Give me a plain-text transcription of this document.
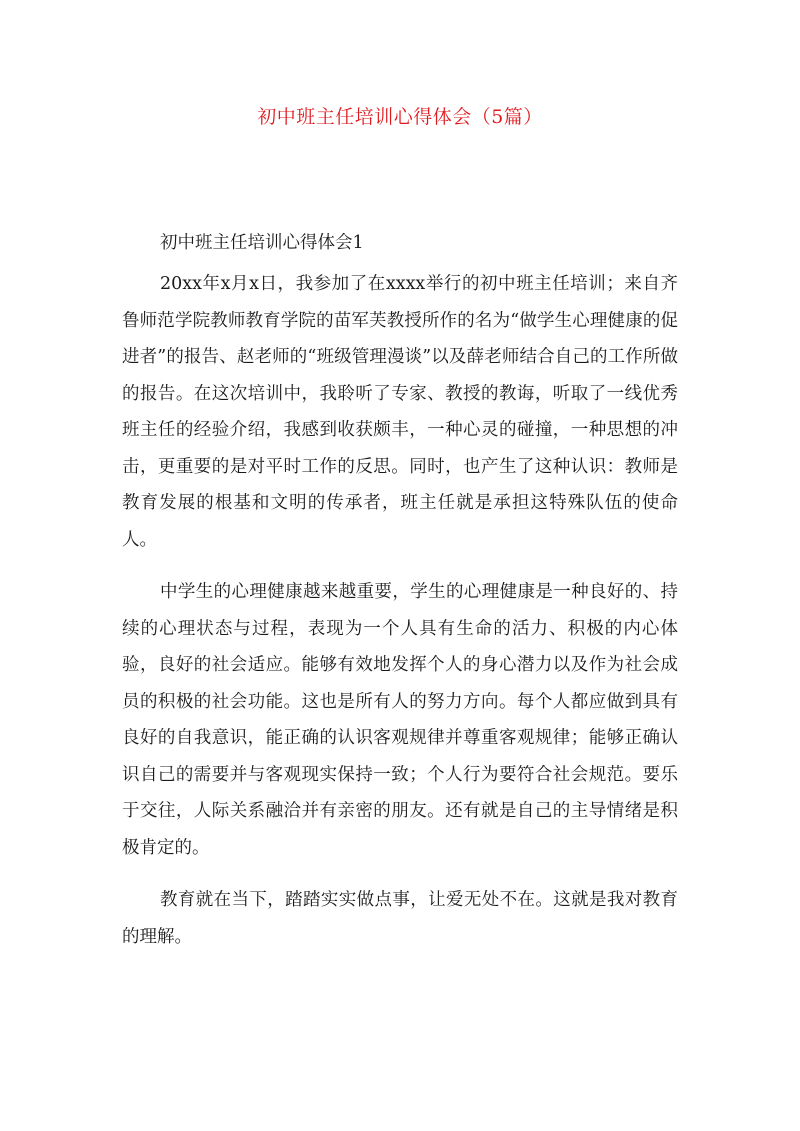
初中班主任培训心得体会（5篇）

初中班主任培训心得体会1

20xx年x月x日，我参加了在xxxx举行的初中班主任培训；来自齐鲁师范学院教师教育学院的苗军芙教授所作的名为“做学生心理健康的促进者”的报告、赵老师的“班级管理漫谈”以及薛老师结合自己的工作所做的报告。在这次培训中，我聆听了专家、教授的教诲，听取了一线优秀班主任的经验介绍，我感到收获颇丰，一种心灵的碰撞，一种思想的冲击，更重要的是对平时工作的反思。同时，也产生了这种认识：教师是教育发展的根基和文明的传承者，班主任就是承担这特殊队伍的使命人。

中学生的心理健康越来越重要，学生的心理健康是一种良好的、持续的心理状态与过程，表现为一个人具有生命的活力、积极的内心体验，良好的社会适应。能够有效地发挥个人的身心潜力以及作为社会成员的积极的社会功能。这也是所有人的努力方向。每个人都应做到具有良好的自我意识，能正确的认识客观规律并尊重客观规律；能够正确认识自己的需要并与客观现实保持一致；个人行为要符合社会规范。要乐于交往，人际关系融洽并有亲密的朋友。还有就是自己的主导情绪是积极肯定的。

教育就在当下，踏踏实实做点事，让爱无处不在。这就是我对教育的理解。
